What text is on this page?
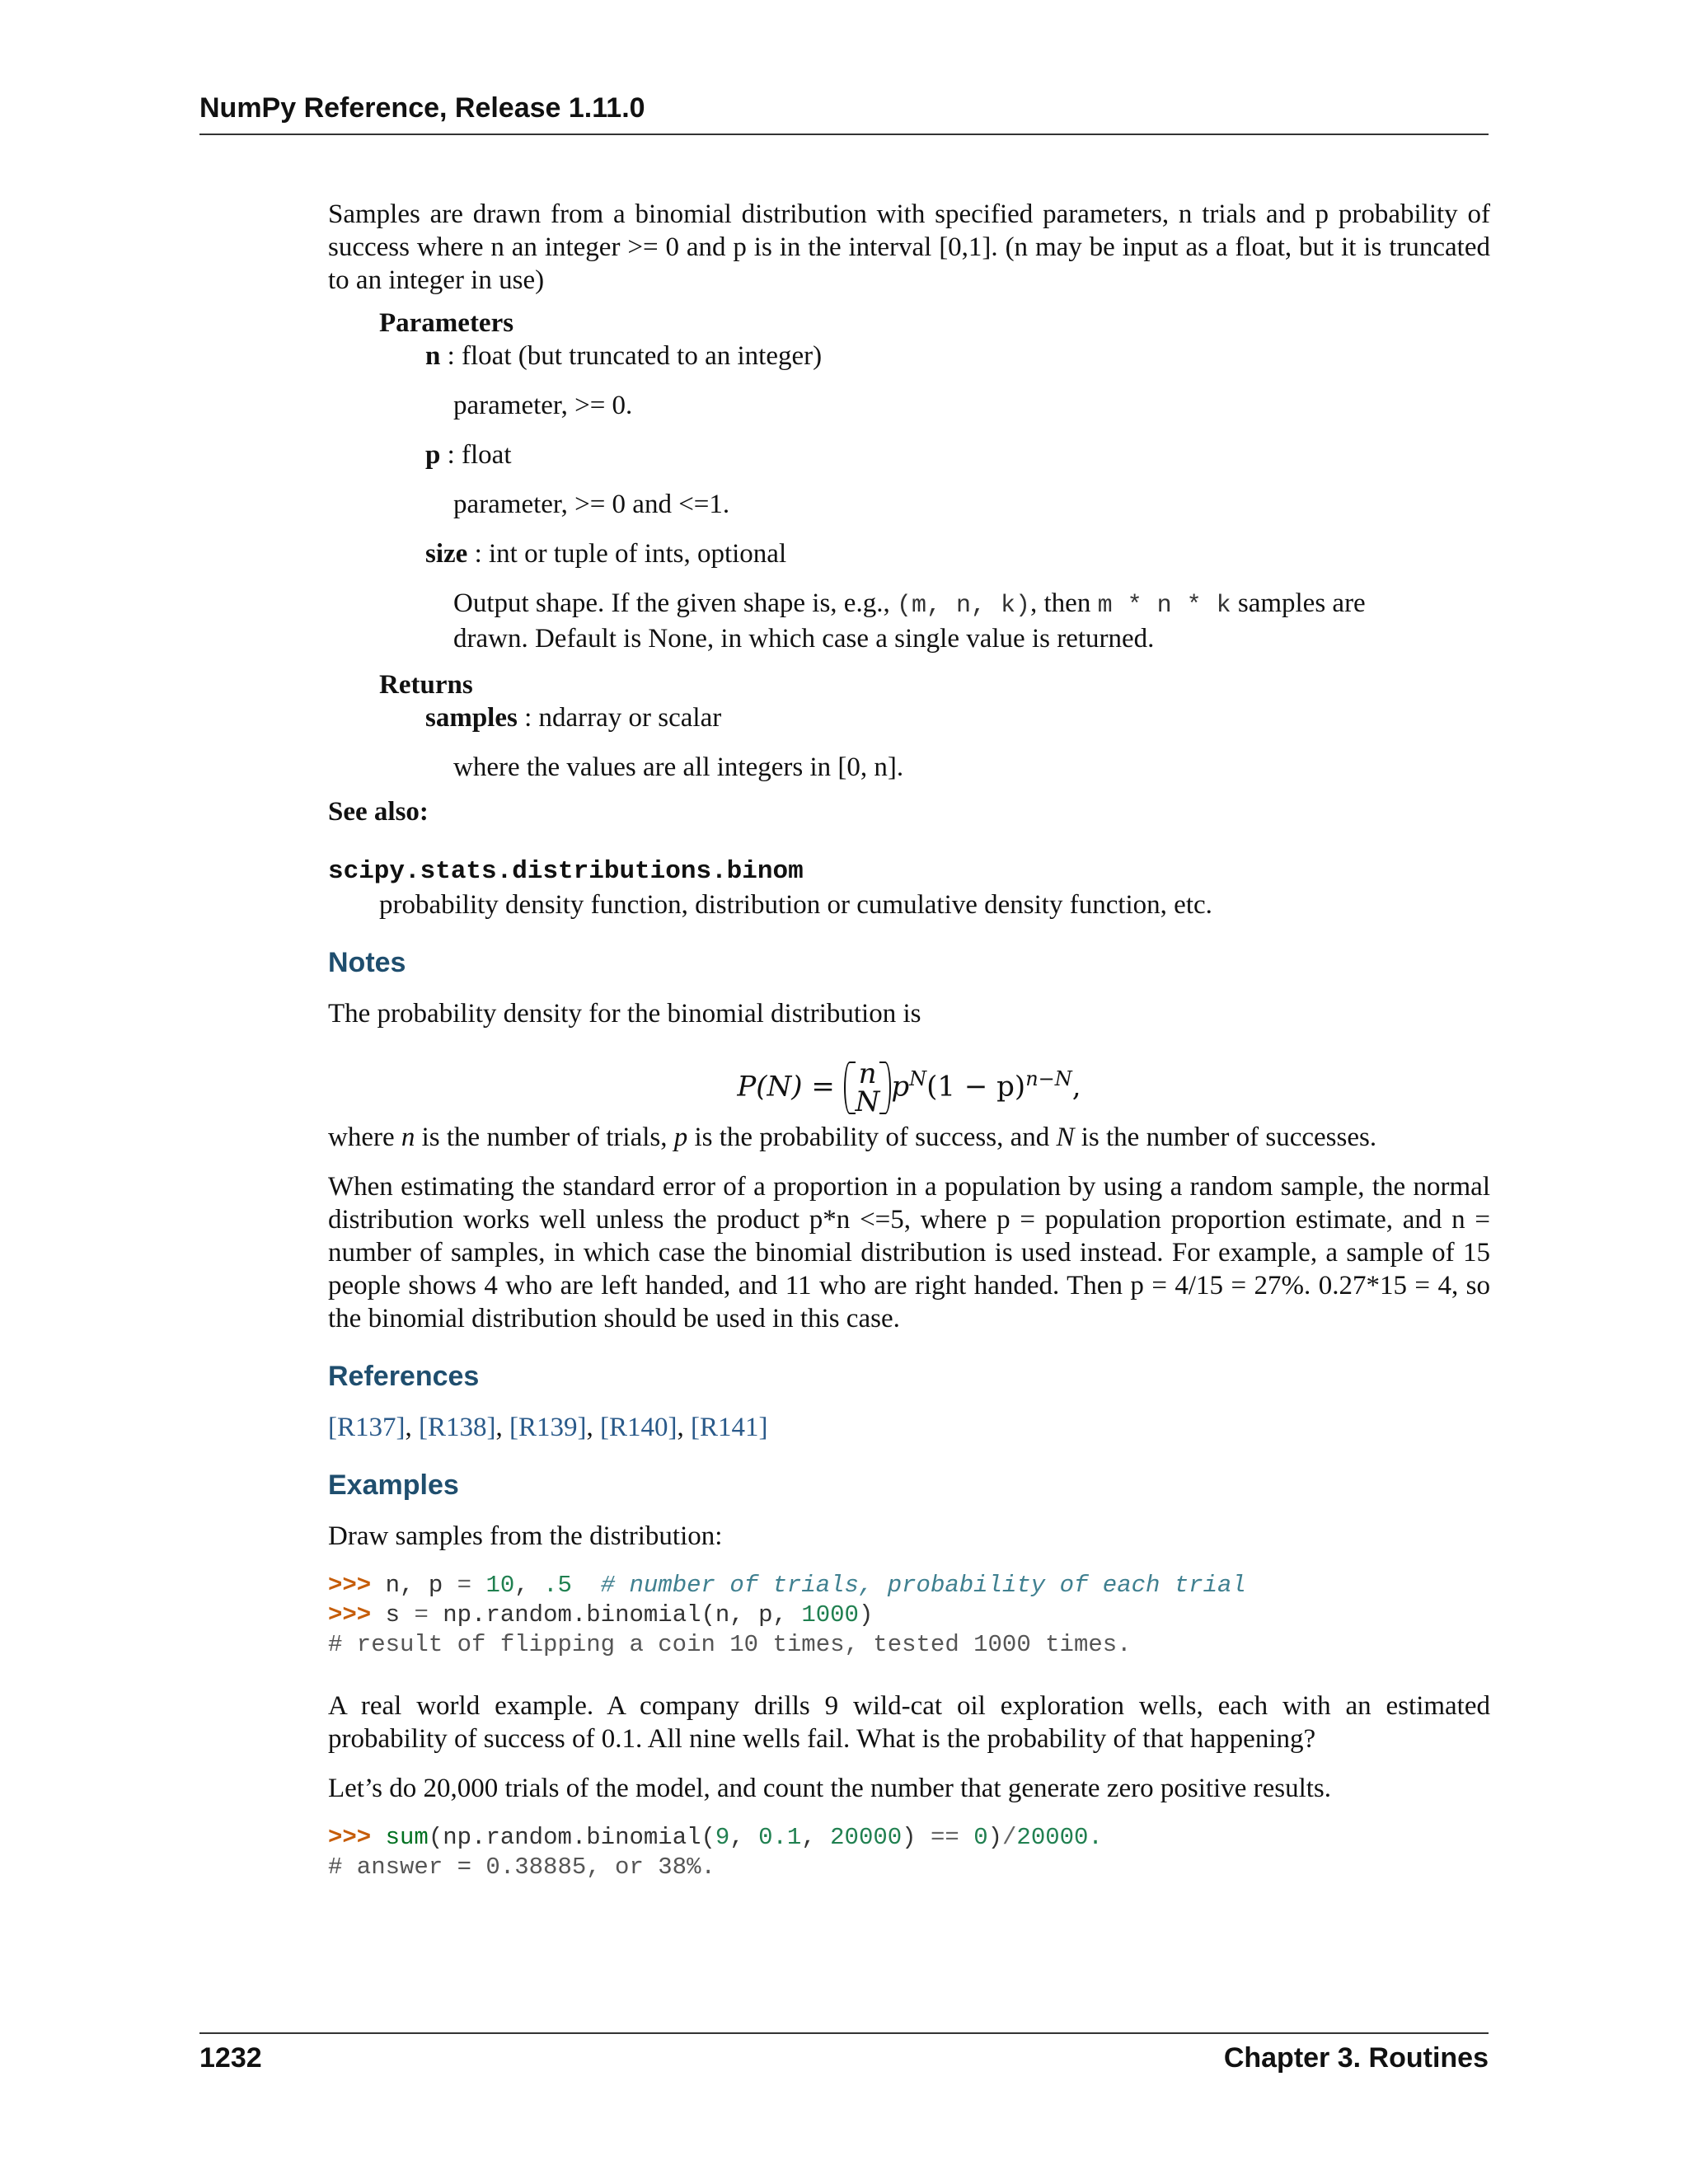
NumPy Reference, Release 1.11.0

Samples are drawn from a binomial distribution with specified parameters, n trials and p probability of success where n an integer >= 0 and p is in the interval [0,1]. (n may be input as a float, but it is truncated to an integer in use)

Parameters
n : float (but truncated to an integer)
parameter, >= 0.
p : float
parameter, >= 0 and <=1.
size : int or tuple of ints, optional
Output shape. If the given shape is, e.g., (m, n, k), then m * n * k samples are drawn. Default is None, in which case a single value is returned.
Returns
samples : ndarray or scalar
where the values are all integers in [0, n].
See also:
scipy.stats.distributions.binom
probability density function, distribution or cumulative density function, etc.
Notes

The probability density for the binomial distribution is

P(N) = n
N $p^N(1 - p)^{n-N}$,

where n is the number of trials, p is the probability of success, and N is the number of successes.

When estimating the standard error of a proportion in a population by using a random sample, the normal distribution works well unless the product p*n <=5, where p = population proportion estimate, and n = number of samples, in which case the binomial distribution is used instead. For example, a sample of 15 people shows 4 who are left handed, and 11 who are right handed. Then p = 4/15 = 27%. 0.27*15 = 4, so the binomial distribution should be used in this case.

References

[R137], [R138], [R139], [R140], [R141]

Examples

Draw samples from the distribution:

>>> n, p = 10, .5  # number of trials, probability of each trial
>>> s = np.random.binomial(n, p, 1000)
# result of flipping a coin 10 times, tested 1000 times.

A real world example. A company drills 9 wild-cat oil exploration wells, each with an estimated probability of success of 0.1. All nine wells fail. What is the probability of that happening?

Let’s do 20,000 trials of the model, and count the number that generate zero positive results.

>>> sum(np.random.binomial(9, 0.1, 20000) == 0)/20000.
# answer = 0.38885, or 38%.
1232	Chapter 3. Routines
